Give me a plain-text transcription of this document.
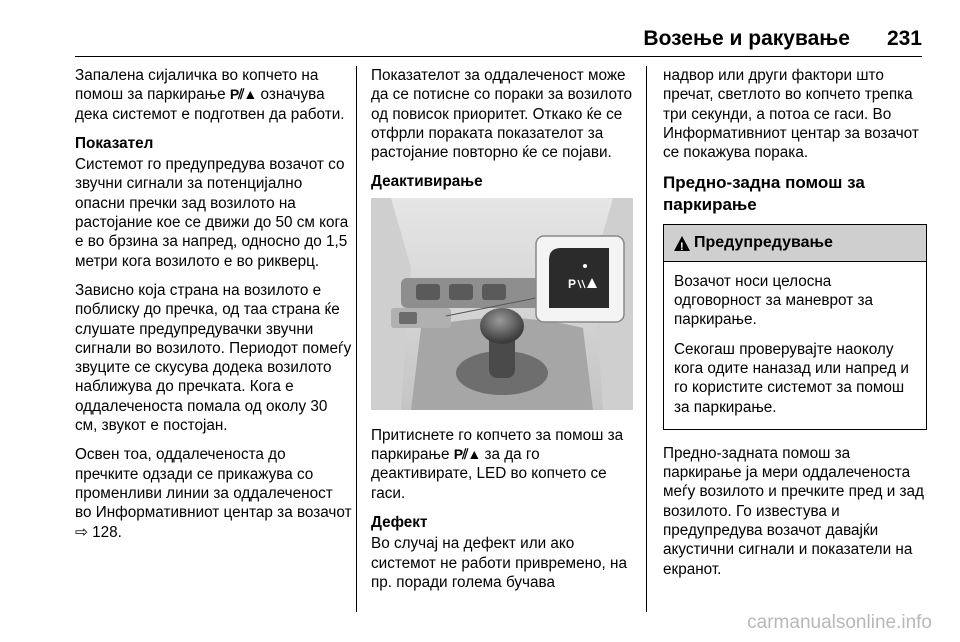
Возење и ракување 231

Запалена сијаличка во копчето на помош за паркирање P⫽▲ означува дека системот е подготвен да работи.

Показател

Системот го предупредува возачот со звучни сигнали за потенцијално опасни пречки зад возилото на растојание кое се движи до 50 см кога е во брзина за напред, односно до 1,5 метри кога возилото е во рикверц.

Зависно која страна на возилото е поблиску до пречка, од таа страна ќе слушате предупредувачки звучни сигнали во возилото. Периодот помеѓу звуците се скусува додека возилото наближува до пречката. Кога е оддалеченоста помала од околу 30 см, звукот е постојан.

Освен тоа, оддалеченоста до пречките одзади се прикажува со променливи линии за оддалеченост во Информативниот центар за возачот ⇨ 128.

Показателот за оддалеченост може да се потисне со пораки за возилото од повисок приоритет. Откако ќе се отфрли пораката показателот за растојание повторно ќе се појави.

Деактивирање
P

Притиснете го копчето за помош за паркирање P⫽▲ за да го деактивирате, LED во копчето се гаси.

Дефект

Во случај на дефект или ако системот не работи привремено, на пр. поради голема бучава

надвор или други фактори што пречат, светлото во копчето трепка три секунди, а потоа се гаси. Во Информативниот центар за возачот се покажува порака.

Предно-задна помош за
паркирање
! Предупредување

Возачот носи целосна одговорност за маневрот за паркирање.

Секогаш проверувајте наоколу кога одите наназад или напред и го користите системот за помош за паркирање.

Предно-задната помош за паркирање ја мери оддалеченоста меѓу возилото и пречките пред и зад возилото. Го известува и предупредува возачот давајќи акустични сигнали и показатели на екранот.

carmanualsonline.info
